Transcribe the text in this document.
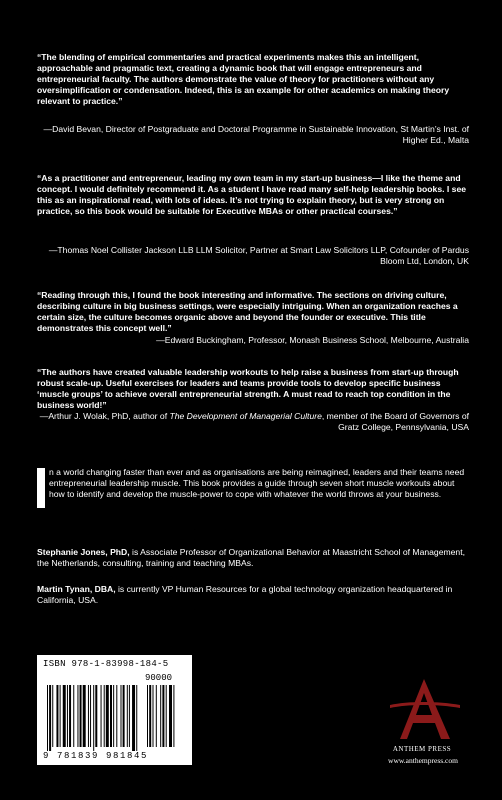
“The blending of empirical commentaries and practical experiments makes this an intelligent, approachable and pragmatic text, creating a dynamic book that will engage entrepreneurs and entrepreneurial faculty. The authors demonstrate the value of theory for practitioners without any oversimplification or condensation. Indeed, this is an example for other academics on making theory relevant to practice.”

—David Bevan, Director of Postgraduate and Doctoral Programme in Sustainable Innovation, St Martin’s Inst. of Higher Ed., Malta

“As a practitioner and entrepreneur, leading my own team in my start-up business—I like the theme and concept. I would definitely recommend it. As a student I have read many self-help leadership books. I see this as an inspirational read, with lots of ideas. It’s not trying to explain theory, but is very strong on practice, so this book would be suitable for Executive MBAs or other practical courses.”

—Thomas Noel Collister Jackson LLB LLM Solicitor, Partner at Smart Law Solicitors LLP, Cofounder of Pardus Bloom Ltd, London, UK

“Reading through this, I found the book interesting and informative. The sections on driving culture, describing culture in big business settings, were especially intriguing. When an organization reaches a certain size, the culture becomes organic above and beyond the founder or executive. This title demonstrates this concept well.”

—Edward Buckingham, Professor, Monash Business School, Melbourne, Australia

“The authors have created valuable leadership workouts to help raise a business from start-up through robust scale-up. Useful exercises for leaders and teams provide tools to develop specific business ‘muscle groups’ to achieve overall entrepreneurial strength. A must read to reach top condition in the business world!”

—Arthur J. Wolak, PhD, author of The Development of Managerial Culture, member of the Board of Governors of Gratz College, Pennsylvania, USA

n a world changing faster than ever and as organisations are being reimagined, leaders and their teams need entrepreneurial leadership muscle. This book provides a guide through seven short muscle workouts about how to identify and develop the muscle-power to cope with whatever the world throws at your business.
Stephanie Jones, PhD, is Associate Professor of Organizational Behavior at Maastricht School of Management, the Netherlands, consulting, training and teaching MBAs.
Martin Tynan, DBA, is currently VP Human Resources for a global technology organization headquartered in California, USA.
ISBN 978-1-83998-184-5
90000
9 781839 981845
ANTHEM PRESS
www.anthempress.com
